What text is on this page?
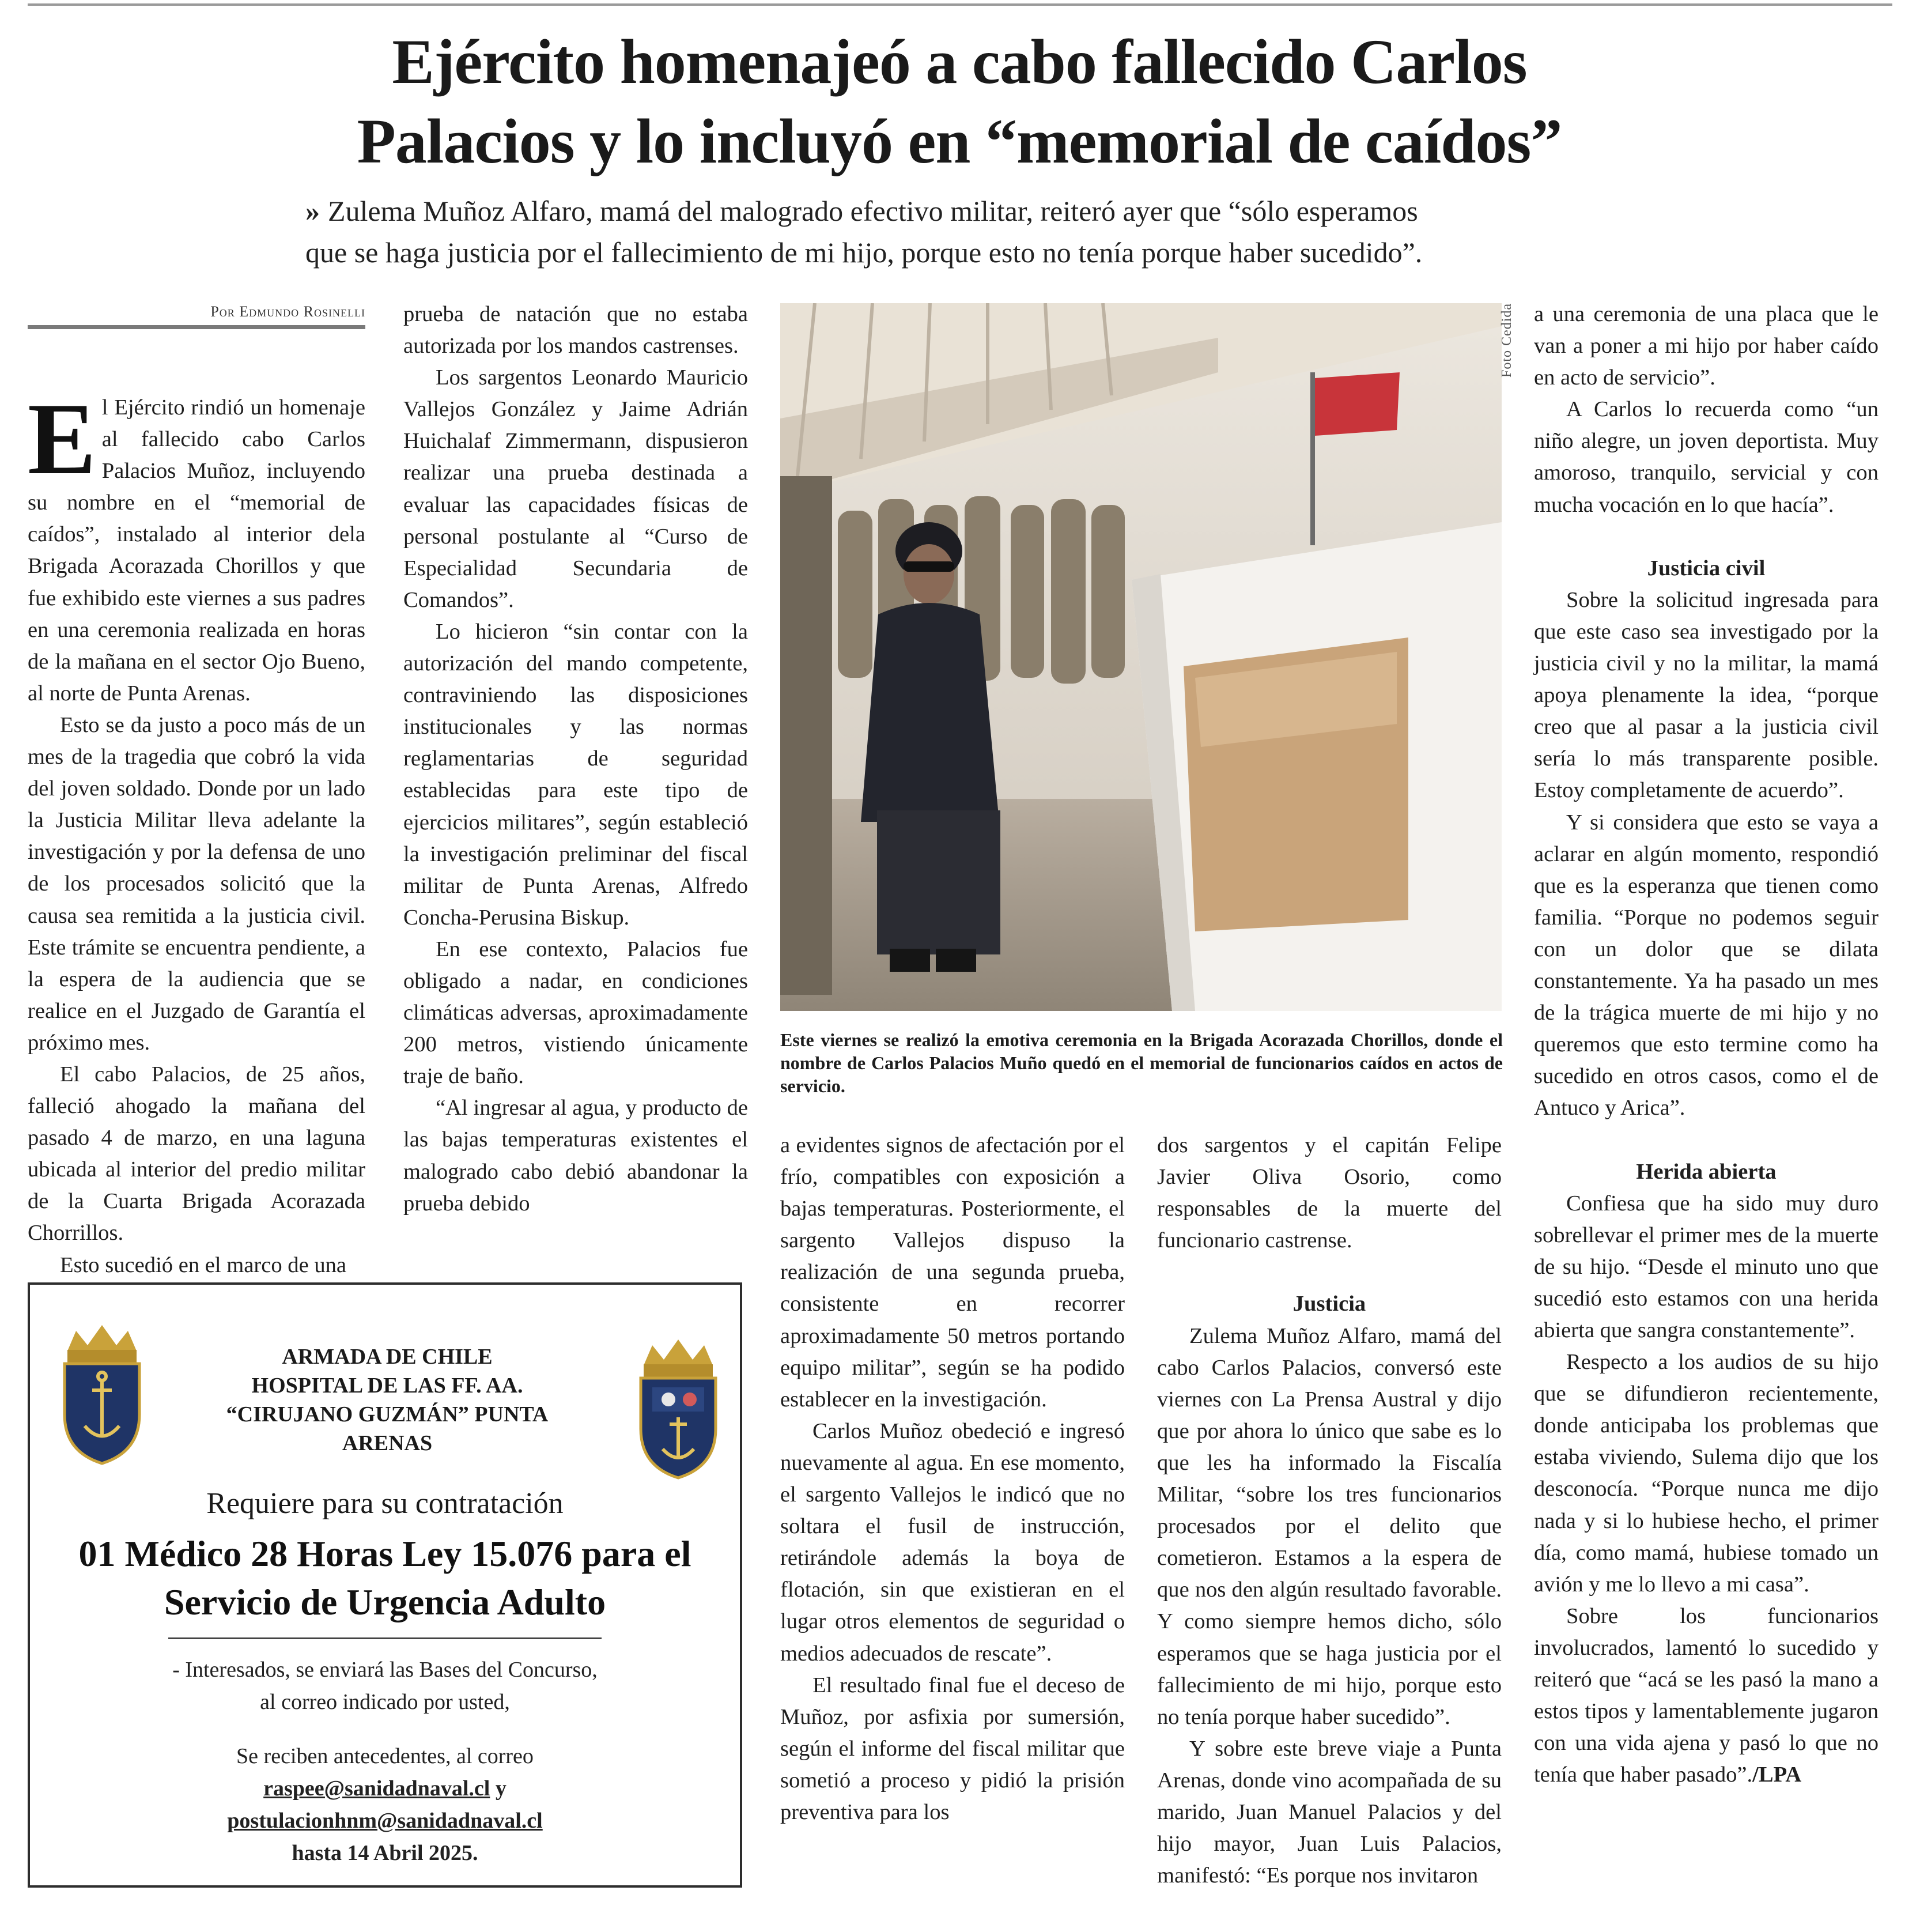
Ejército homenajeó a cabo fallecido Carlos
Palacios y lo incluyó en “memorial de caídos”

» Zulema Muñoz Alfaro, mamá del malogrado efectivo militar, reiteró ayer que “sólo esperamos
que se haga justicia por el fallecimiento de mi hijo, porque esto no tenía porque haber sucedido”.

Por Edmundo Rosinelli
E l Ejército rindió un homenaje al fallecido cabo Carlos Palacios Muñoz, incluyendo su nombre en el “memorial de caídos”, instalado al interior dela Brigada Acorazada Chorillos y que fue exhibido este viernes a sus padres en una ceremonia realizada en horas de la mañana en el sector Ojo Bueno, al norte de Punta Arenas.

Esto se da justo a poco más de un mes de la tragedia que cobró la vida del joven soldado. Donde por un lado la Justicia Militar lleva adelante la investigación y por la defensa de uno de los procesados solicitó que la causa sea remitida a la justicia civil. Este trámite se encuentra pendiente, a la espera de la audiencia que se realice en el Juzgado de Garantía el próximo mes.

El cabo Palacios, de 25 años, falleció ahogado la mañana del pasado 4 de marzo, en una laguna ubicada al interior del predio militar de la Cuarta Brigada Acorazada Chorrillos.

Esto sucedió en el marco de una

prueba de natación que no estaba autorizada por los mandos castrenses.

Los sargentos Leonardo Mauricio Vallejos González y Jaime Adrián Huichalaf Zimmermann, dispusieron realizar una prueba destinada a evaluar las capacidades físicas de personal postulante al “Curso de Especialidad Secundaria de Comandos”.

Lo hicieron “sin contar con la autorización del mando competente, contraviniendo las disposiciones institucionales y las normas reglamentarias de seguridad establecidas para este tipo de ejercicios militares”, según estableció la investigación preliminar del fiscal militar de Punta Arenas, Alfredo Concha-Perusina Biskup.

En ese contexto, Palacios fue obligado a nadar, en condiciones climáticas adversas, aproximadamente 200 metros, vistiendo únicamente traje de baño.

“Al ingresar al agua, y producto de las bajas temperaturas existentes el malogrado cabo debió abandonar la prueba debido

Foto Cedida

Este viernes se realizó la emotiva ceremonia en la Brigada Acorazada Chorillos, donde el nombre de Carlos Palacios Muño quedó en el memorial de funcionarios caídos en actos de servicio.

a evidentes signos de afectación por el frío, compatibles con exposición a bajas temperaturas. Posteriormente, el sargento Vallejos dispuso la realización de una segunda prueba, consistente en recorrer aproximadamente 50 metros portando equipo militar”, según se ha podido establecer en la investigación.

Carlos Muñoz obedeció e ingresó nuevamente al agua. En ese momento, el sargento Vallejos le indicó que no soltara el fusil de instrucción, retirándole además la boya de flotación, sin que existieran en el lugar otros elementos de seguridad o medios adecuados de rescate”.

El resultado final fue el deceso de Muñoz, por asfixia por sumersión, según el informe del fiscal militar que sometió a proceso y pidió la prisión preventiva para los

dos sargentos y el capitán Felipe Javier Oliva Osorio, como responsables de la muerte del funcionario castrense.

Justicia

Zulema Muñoz Alfaro, mamá del cabo Carlos Palacios, conversó este viernes con La Prensa Austral y dijo que por ahora lo único que sabe es lo que les ha informado la Fiscalía Militar, “sobre los tres funcionarios procesados por el delito que cometieron. Estamos a la espera de que nos den algún resultado favorable. Y como siempre hemos dicho, sólo esperamos que se haga justicia por el fallecimiento de mi hijo, porque esto no tenía porque haber sucedido”.

Y sobre este breve viaje a Punta Arenas, donde vino acompañada de su marido, Juan Manuel Palacios y del hijo mayor, Juan Luis Palacios, manifestó: “Es porque nos invitaron

a una ceremonia de una placa que le van a poner a mi hijo por haber caído en acto de servicio”.

A Carlos lo recuerda como “un niño alegre, un joven deportista. Muy amoroso, tranquilo, servicial y con mucha vocación en lo que hacía”.

Justicia civil

Sobre la solicitud ingresada para que este caso sea investigado por la justicia civil y no la militar, la mamá apoya plenamente la idea, “porque creo que al pasar a la justicia civil sería lo más transparente posible. Estoy completamente de acuerdo”.

Y si considera que esto se vaya a aclarar en algún momento, respondió que es la esperanza que tienen como familia. “Porque no podemos seguir con un dolor que se dilata constantemente. Ya ha pasado un mes de la trágica muerte de mi hijo y no queremos que esto termine como ha sucedido en otros casos, como el de Antuco y Arica”.

Herida abierta

Confiesa que ha sido muy duro sobrellevar el primer mes de la muerte de su hijo. “Desde el minuto uno que sucedió esto estamos con una herida abierta que sangra constantemente”.

Respecto a los audios de su hijo que se difundieron recientemente, donde anticipaba los problemas que estaba viviendo, Sulema dijo que los desconocía. “Porque nunca me dijo nada y si lo hubiese hecho, el primer día, como mamá, hubiese tomado un avión y me lo llevo a mi casa”.

Sobre los funcionarios involucrados, lamentó lo sucedido y reiteró que “acá se les pasó la mano a estos tipos y lamentablemente jugaron con una vida ajena y pasó lo que no tenía que haber pasado”./LPA

ARMADA DE CHILE
HOSPITAL DE LAS FF. AA.
“CIRUJANO GUZMÁN” PUNTA ARENAS
Requiere para su contratación
01 Médico 28 Horas Ley 15.076 para el
Servicio de Urgencia Adulto
- Interesados, se enviará las Bases del Concurso,
al correo indicado por usted,
Se reciben antecedentes, al correo
raspee@sanidadnaval.cl y
postulacionhnm@sanidadnaval.cl
hasta 14 Abril 2025.
